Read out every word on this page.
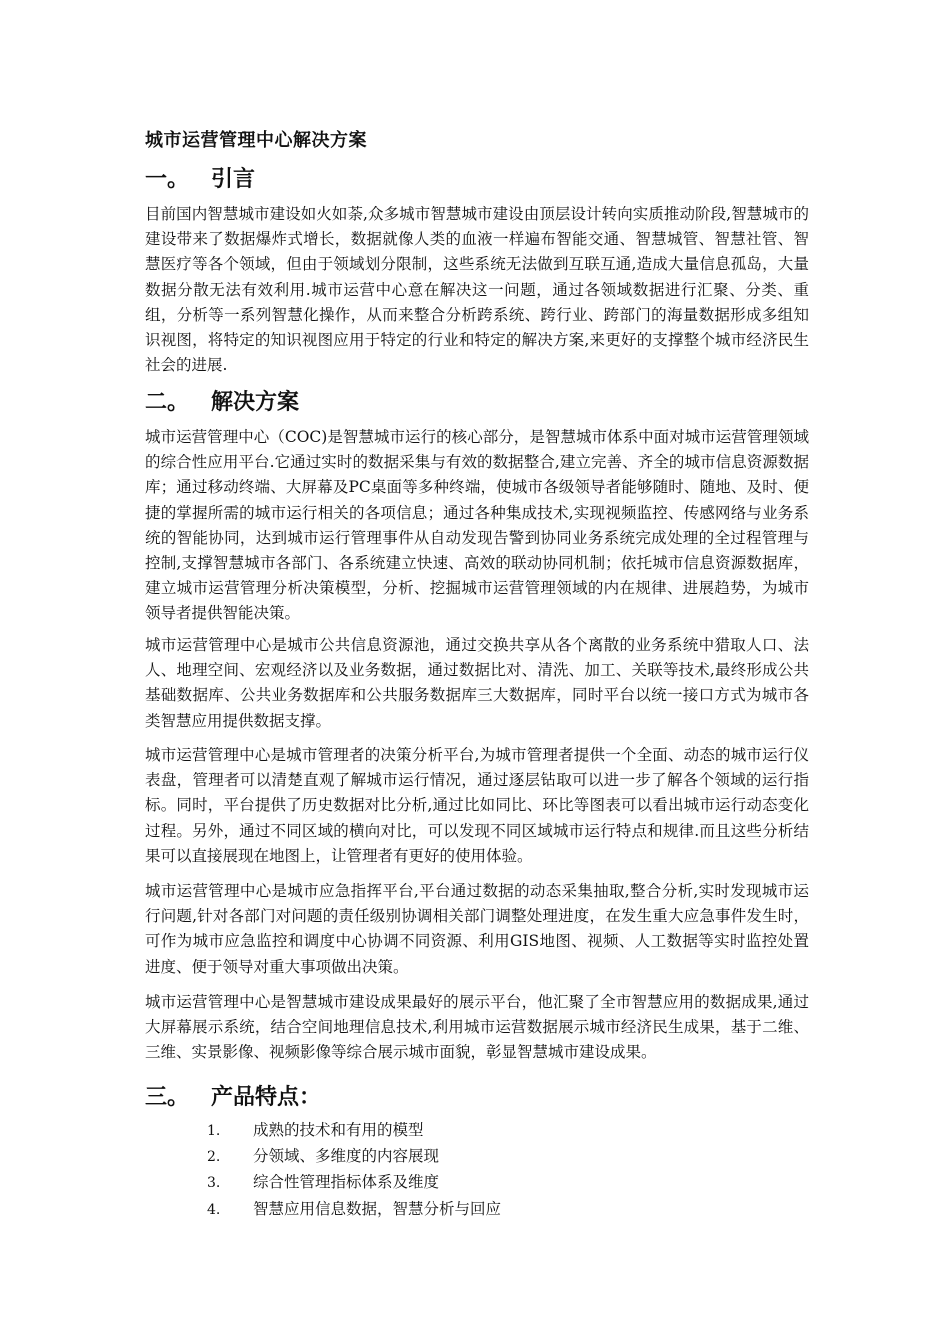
城市运营管理中心解决方案
一。 引言

目前国内智慧城市建设如火如荼,众多城市智慧城市建设由顶层设计转向实质推动阶段,智慧城市的建设带来了数据爆炸式增长，数据就像人类的血液一样遍布智能交通、智慧城管、智慧社管、智慧医疗等各个领域，但由于领域划分限制，这些系统无法做到互联互通,造成大量信息孤岛，大量数据分散无法有效利用.城市运营中心意在解决这一问题，通过各领域数据进行汇聚、分类、重组，分析等一系列智慧化操作，从而来整合分析跨系统、跨行业、跨部门的海量数据形成多组知识视图，将特定的知识视图应用于特定的行业和特定的解决方案,来更好的支撑整个城市经济民生社会的进展.

二。 解决方案

城市运营管理中心（COC)是智慧城市运行的核心部分，是智慧城市体系中面对城市运营管理领域的综合性应用平台.它通过实时的数据采集与有效的数据整合,建立完善、齐全的城市信息资源数据库；通过移动终端、大屏幕及PC桌面等多种终端，使城市各级领导者能够随时、随地、及时、便捷的掌握所需的城市运行相关的各项信息；通过各种集成技术,实现视频监控、传感网络与业务系统的智能协同，达到城市运行管理事件从自动发现告警到协同业务系统完成处理的全过程管理与控制,支撑智慧城市各部门、各系统建立快速、高效的联动协同机制；依托城市信息资源数据库，建立城市运营管理分析决策模型，分析、挖掘城市运营管理领域的内在规律、进展趋势，为城市领导者提供智能决策。

城市运营管理中心是城市公共信息资源池，通过交换共享从各个离散的业务系统中猎取人口、法人、地理空间、宏观经济以及业务数据，通过数据比对、清洗、加工、关联等技术,最终形成公共基础数据库、公共业务数据库和公共服务数据库三大数据库，同时平台以统一接口方式为城市各类智慧应用提供数据支撑。

城市运营管理中心是城市管理者的决策分析平台,为城市管理者提供一个全面、动态的城市运行仪表盘，管理者可以清楚直观了解城市运行情况，通过逐层钻取可以进一步了解各个领域的运行指标。同时，平台提供了历史数据对比分析,通过比如同比、环比等图表可以看出城市运行动态变化过程。另外，通过不同区域的横向对比，可以发现不同区域城市运行特点和规律.而且这些分析结果可以直接展现在地图上，让管理者有更好的使用体验。

城市运营管理中心是城市应急指挥平台,平台通过数据的动态采集抽取,整合分析,实时发现城市运行问题,针对各部门对问题的责任级别协调相关部门调整处理进度，在发生重大应急事件发生时，可作为城市应急监控和调度中心协调不同资源、利用GIS地图、视频、人工数据等实时监控处置进度、便于领导对重大事项做出决策。

城市运营管理中心是智慧城市建设成果最好的展示平台，他汇聚了全市智慧应用的数据成果,通过大屏幕展示系统，结合空间地理信息技术,利用城市运营数据展示城市经济民生成果，基于二维、三维、实景影像、视频影像等综合展示城市面貌，彰显智慧城市建设成果。

三。 产品特点：
1. 成熟的技术和有用的模型
2. 分领域、多维度的内容展现
3. 综合性管理指标体系及维度
4. 智慧应用信息数据，智慧分析与回应
